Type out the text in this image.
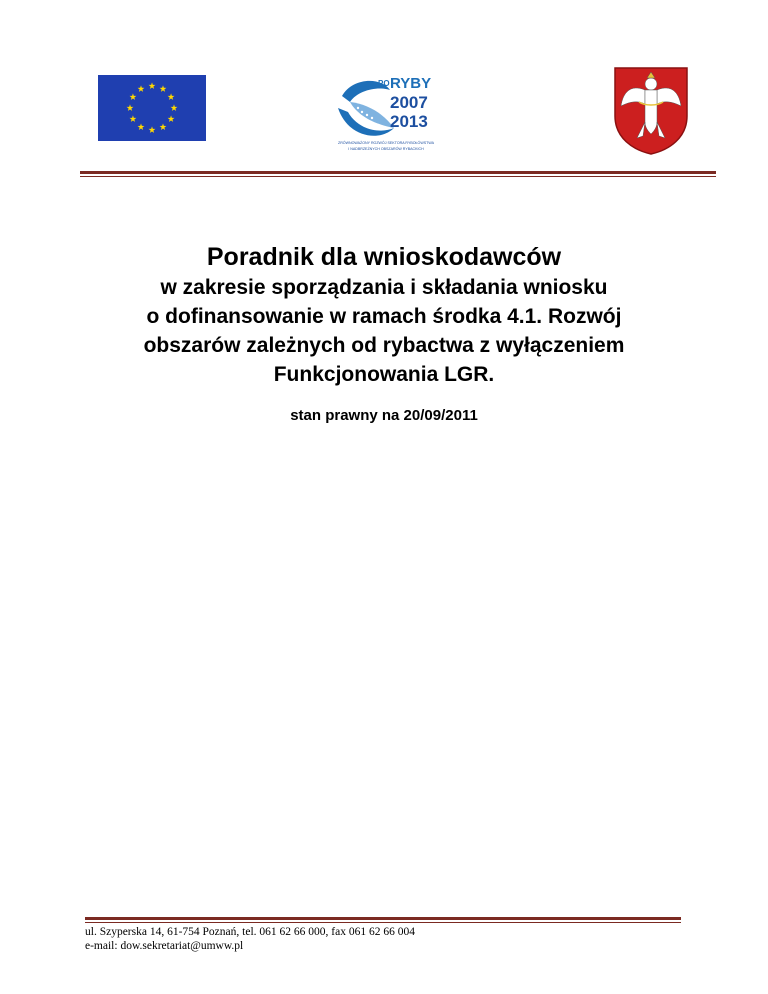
PO RYBY
2007
2013
ZRÓWNOWAŻONY ROZWÓJ SEKTORA RYBOŁÓWSTWA
I NADBRZEŻNYCH OBSZARÓW RYBACKICH
Poradnik dla wnioskodawców

w zakresie sporządzania i składania wniosku
o dofinansowanie w ramach środka 4.1. Rozwój
obszarów zależnych od rybactwa z wyłączeniem
Funkcjonowania LGR.

stan prawny na 20/09/2011

ul. Szyperska 14, 61-754 Poznań, tel. 061 62 66 000, fax 061 62 66 004
e-mail: dow.sekretariat@umww.pl
